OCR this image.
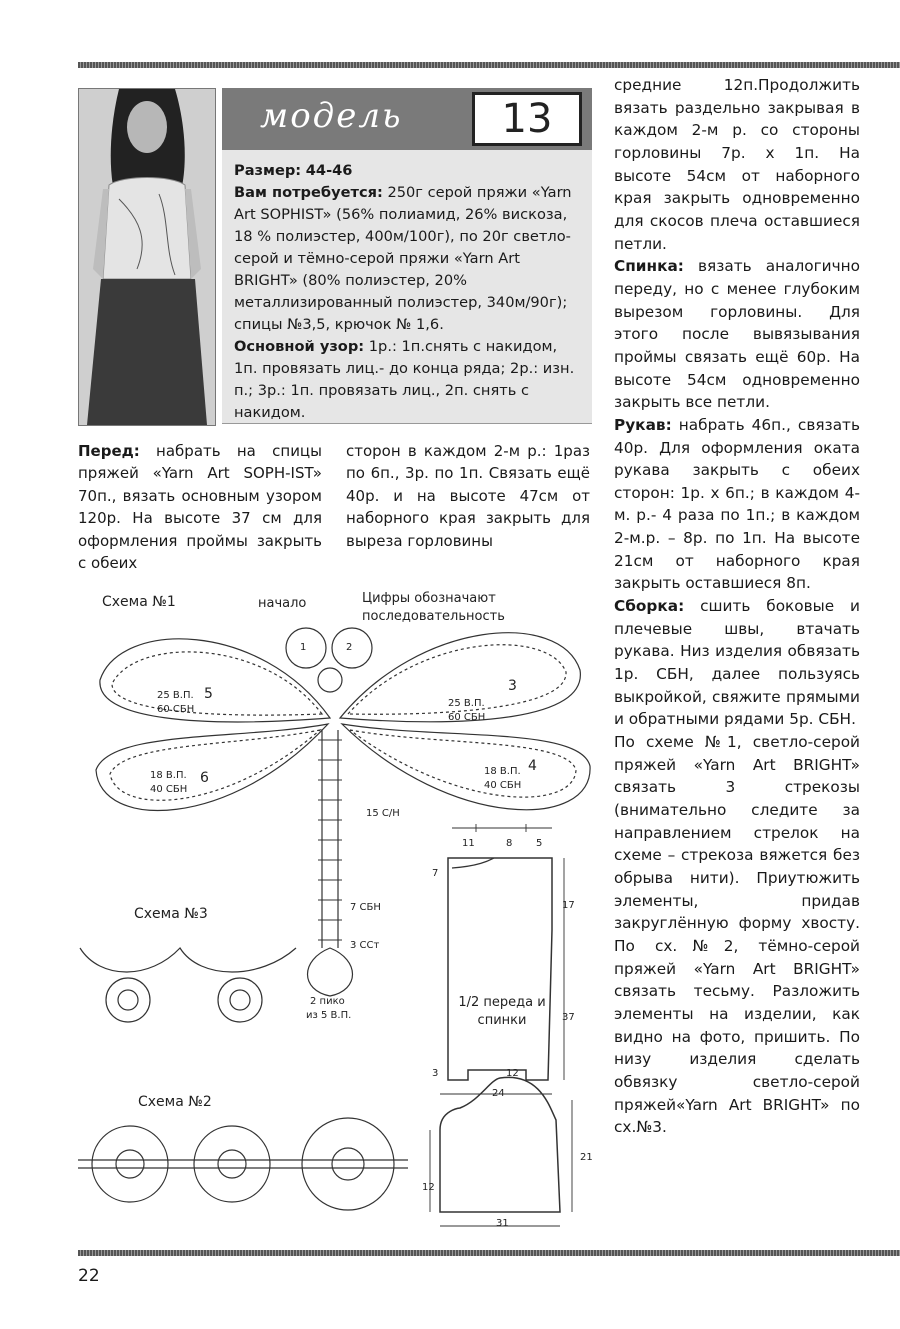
модель	13
Размер: 44-46
Вам потребуется: 250г серой пряжи «Yarn Art SOPHIST» (56% полиамид, 26% вискоза, 18 % полиэстер, 400м/100г), по 20г светло-серой и тёмно-серой пряжи «Yarn Art BRIGHT» (80% полиэстер, 20% металлизированный полиэстер, 340м/90г); спицы №3,5, крючок № 1,6.
Основной узор: 1р.: 1п.снять с накидом, 1п. провязать лиц.- до конца ряда; 2р.: изн. п.; 3р.: 1п. провязать лиц., 2п. снять с накидом.

Перед: набрать на спицы пряжей «Yarn Art SOPH-IST» 70п., вязать основным узором 120р. На высоте 37 см для оформления проймы закрыть с обеих

сторон в каждом 2-м р.: 1раз по 6п., 3р. по 1п. Связать ещё 40р. и на высоте 47см от наборного края закрыть для выреза горловины

средние 12п.Продолжить вязать раздельно закрывая в каждом 2-м р. со стороны горловины 7р. х 1п. На высоте 54см от наборного края закрыть одновременно для скосов плеча оставшиеся петли.

Спинка: вязать аналогично переду, но с менее глубоким вырезом горловины. Для этого после вывязывания проймы связать ещё 60р. На высоте 54см одновременно закрыть все петли.

Рукав: набрать 46п., связать 40р. Для оформления оката рукава закрыть с обеих сторон: 1р. х 6п.; в каждом 4-м. р.- 4 раза по 1п.; в каждом 2-м.р. – 8р. по 1п. На высоте 21см от наборного края закрыть оставшиеся 8п.

Сборка: сшить боковые и плечевые швы, втачать рукава. Низ изделия обвязать 1р. СБН, далее пользуясь выкройкой, свяжите прямыми и обратными рядами 5р. СБН.

По схеме №1, светло-серой пряжей «Yarn Art BRIGHT» связать 3 стрекозы (внимательно следите за направлением стрелок на схеме – стрекоза вяжется без обрыва нити). Приутюжить элементы, придав закруглённую форму хвосту. По сх.№2, тёмно-серой пряжей «Yarn Art BRIGHT» связать тесьму. Разложить элементы на изделии, как видно на фото, пришить. По низу изделия сделать обвязку светло-серой пряжей«Yarn Art BRIGHT» по сх.№3.

Схема №1	начало	Цифры обозначают последовательность
25 В.П.
60 СБН
5
25 В.П.
60 СБН
3
18 В.П.
40 СБН
6	18 В.П.
40 СБН
4
1	2
15 С/Н
7 СБН
3 ССт
2 пико
из 5 В.П.
Схема №3
Схема №2
1/2 переда и спинки
11	8 5
7
17
37
3	12
24
12
21
31
22
